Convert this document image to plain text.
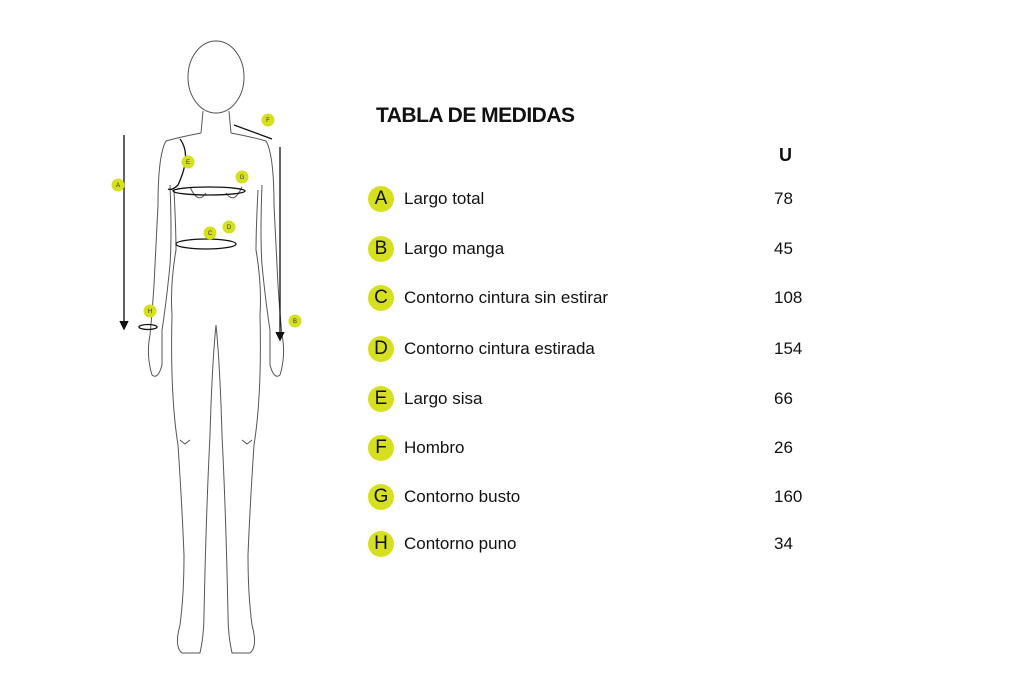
A
B
C
D
E
F
G
H
TABLA DE MEDIDAS
U
A Largo total	78
B Largo manga	45
C Contorno cintura sin estirar	108
D Contorno cintura estirada	154
E Largo sisa	66
F	Hombro	26
G Contorno busto	160
H Contorno puno	34
